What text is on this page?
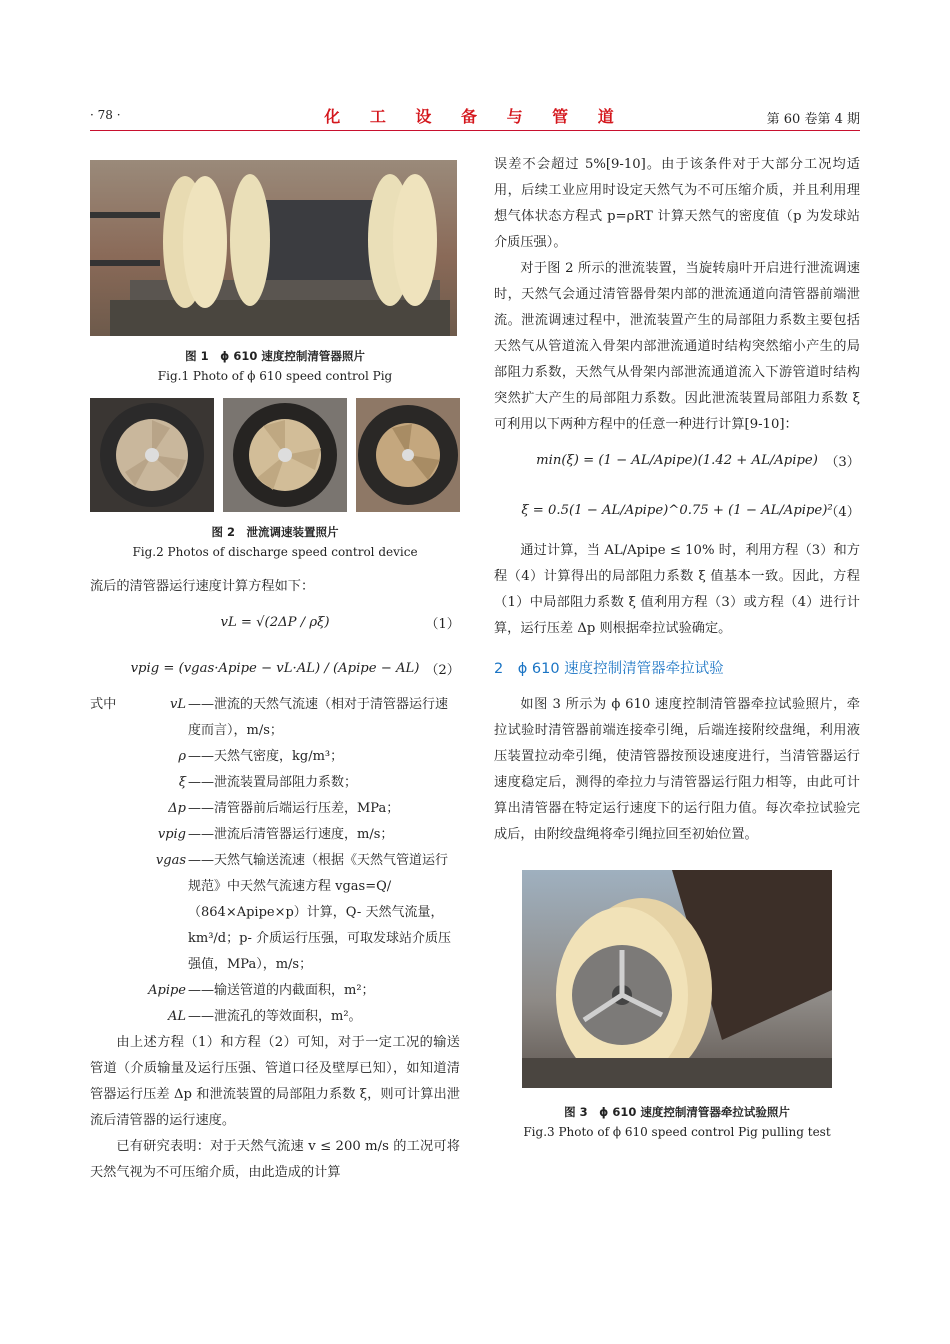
· 78 ·	化 工 设 备 与 管 道	第 60 卷第 4 期
图 1　ϕ 610 速度控制清管器照片
Fig.1 Photo of ϕ 610 speed control Pig
图 2　泄流调速装置照片
Fig.2 Photos of discharge speed control device

流后的清管器运行速度计算方程如下：

vL = √(2ΔP / ρξ)	（1）
vpig = (vgas·Apipe − vL·AL) / (Apipe − AL) （2）
式中	vL ——泄流的天然气流速（相对于清管器运行速度而言），m/s；
ρ ——天然气密度，kg/m³；
ξ ——泄流装置局部阻力系数；
Δp ——清管器前后端运行压差，MPa；
vpig ——泄流后清管器运行速度，m/s；
vgas ——天然气输送流速（根据《天然气管道运行规范》中天然气流速方程 vgas=Q/（864×Apipe×p）计算，Q- 天然气流量，km³/d；p- 介质运行压强，可取发球站介质压强值，MPa），m/s；
Apipe ——输送管道的内截面积，m²；
AL ——泄流孔的等效面积，m²。

由上述方程（1）和方程（2）可知，对于一定工况的输送管道（介质输量及运行压强、管道口径及壁厚已知），如知道清管器运行压差 Δp 和泄流装置的局部阻力系数 ξ，则可计算出泄流后清管器的运行速度。

已有研究表明：对于天然气流速 v ≤ 200 m/s 的工况可将天然气视为不可压缩介质，由此造成的计算

误差不会超过 5%[9-10]。由于该条件对于大部分工况均适用，后续工业应用时设定天然气为不可压缩介质，并且利用理想气体状态方程式 p=ρRT 计算天然气的密度值（p 为发球站介质压强）。

对于图 2 所示的泄流装置，当旋转扇叶开启进行泄流调速时，天然气会通过清管器骨架内部的泄流通道向清管器前端泄流。泄流调速过程中，泄流装置产生的局部阻力系数主要包括天然气从管道流入骨架内部泄流通道时结构突然缩小产生的局部阻力系数，天然气从骨架内部泄流通道流入下游管道时结构突然扩大产生的局部阻力系数。因此泄流装置局部阻力系数 ξ 可利用以下两种方程中的任意一种进行计算[9-10]：

min(ξ) = (1 − AL/Apipe)(1.42 + AL/Apipe) （3）
ξ = 0.5(1 − AL/Apipe)^0.75 + (1 − AL/Apipe)²
（4）

通过计算，当 AL/Apipe ≤ 10% 时，利用方程（3）和方程（4）计算得出的局部阻力系数 ξ 值基本一致。因此，方程（1）中局部阻力系数 ξ 值利用方程（3）或方程（4）进行计算，运行压差 Δp 则根据牵拉试验确定。

2　ϕ 610 速度控制清管器牵拉试验

如图 3 所示为 ϕ 610 速度控制清管器牵拉试验照片，牵拉试验时清管器前端连接牵引绳，后端连接附绞盘绳，利用液压装置拉动牵引绳，使清管器按预设速度进行，当清管器运行速度稳定后，测得的牵拉力与清管器运行阻力相等，由此可计算出清管器在特定运行速度下的运行阻力值。每次牵拉试验完成后，由附绞盘绳将牵引绳拉回至初始位置。

图 3　ϕ 610 速度控制清管器牵拉试验照片
Fig.3 Photo of ϕ 610 speed control Pig pulling test
